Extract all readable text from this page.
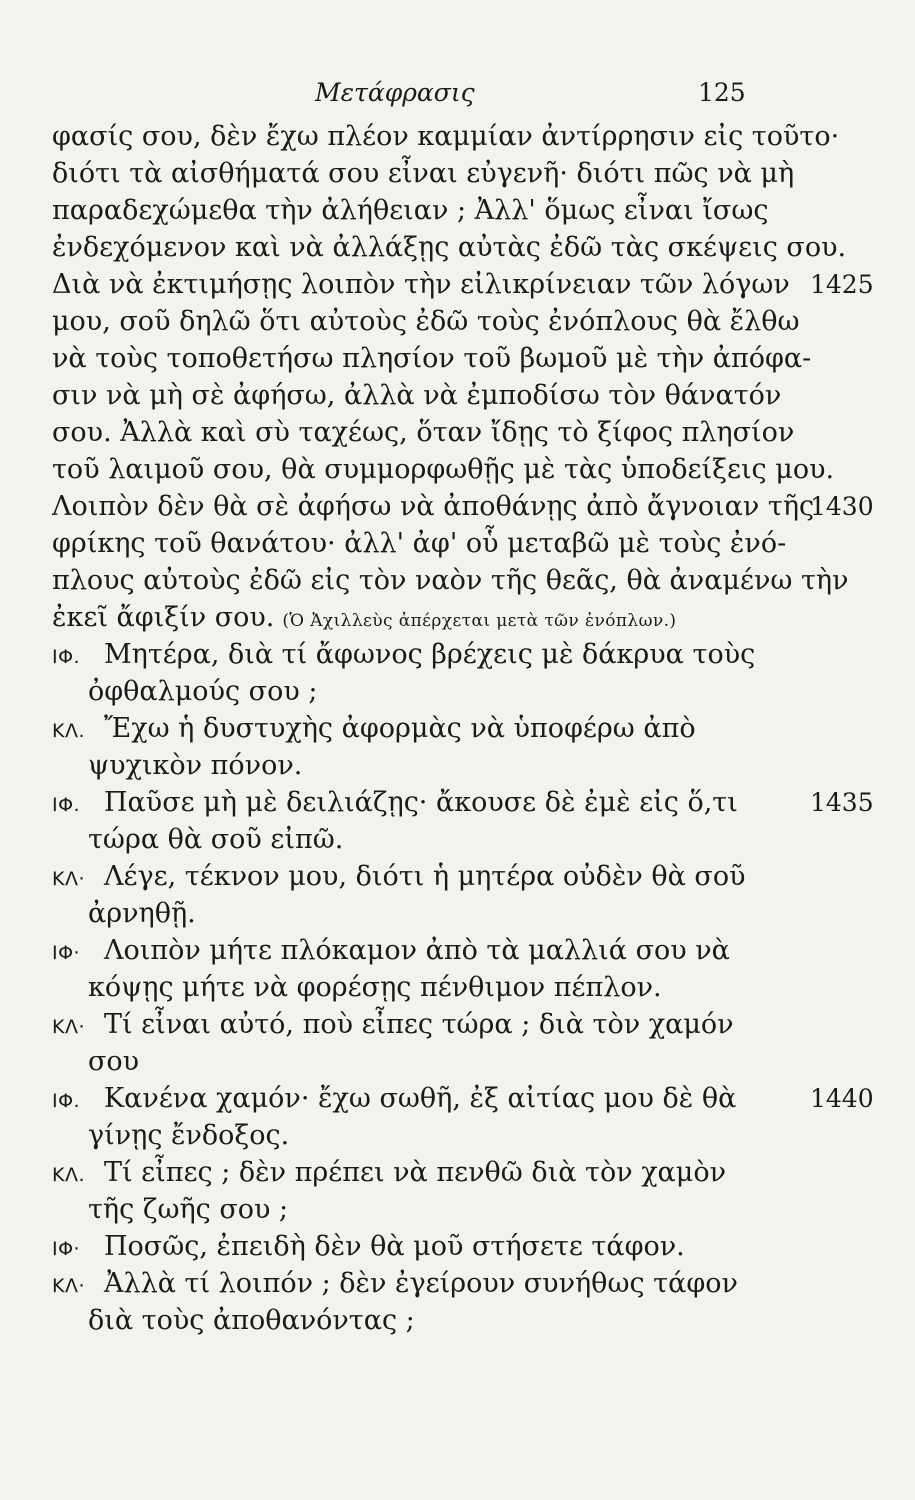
Μετάφρασις	125
φασίς σου, δὲν ἔχω πλέον καμμίαν ἀντίρρησιν εἰς τοῦτο·
διότι τὰ αἰσθήματά σου εἶναι εὐγενῆ· διότι πῶς νὰ μὴ
παραδεχώμεθα τὴν ἀλήθειαν ; Ἀλλ' ὅμως εἶναι ἴσως
ἐνδεχόμενον καὶ νὰ ἀλλάξῃς αὐτὰς ἐδῶ τὰς σκέψεις σου.
Διὰ νὰ ἐκτιμήσῃς λοιπὸν τὴν εἰλικρίνειαν τῶν λόγων 1425
μου, σοῦ δηλῶ ὅτι αὐτοὺς ἐδῶ τοὺς ἐνόπλους θὰ ἔλθω
νὰ τοὺς τοποθετήσω πλησίον τοῦ βωμοῦ μὲ τὴν ἀπόφα-
σιν νὰ μὴ σὲ ἀφήσω, ἀλλὰ νὰ ἐμποδίσω τὸν θάνατόν
σου. Ἀλλὰ καὶ σὺ ταχέως, ὅταν ἴδῃς τὸ ξίφος πλησίον
τοῦ λαιμοῦ σου, θὰ συμμορφωθῇς μὲ τὰς ὑποδείξεις μου.
Λοιπὸν δὲν θὰ σὲ ἀφήσω νὰ ἀποθάνῃς ἀπὸ ἄγνοιαν τῆς
1430
φρίκης τοῦ θανάτου· ἀλλ' ἀφ' οὗ μεταβῶ μὲ τοὺς ἐνό-
πλους αὐτοὺς ἐδῶ εἰς τὸν ναὸν τῆς θεᾶς, θὰ ἀναμένω τὴν
ἐκεῖ ἄφιξίν σου. (Ὁ Ἀχιλλεὺς ἀπέρχεται μετὰ τῶν ἐνόπλων.)
ΙΦ. Μητέρα, διὰ τί ἄφωνος βρέχεις μὲ δάκρυα τοὺς
ὀφθαλμούς σου ;
ΚΛ. Ἔχω ἡ δυστυχὴς ἀφορμὰς νὰ ὑποφέρω ἀπὸ
ψυχικὸν πόνον.
ΙΦ. Παῦσε μὴ μὲ δειλιάζῃς· ἄκουσε δὲ ἐμὲ εἰς ὅ,τι	1435
τώρα θὰ σοῦ εἰπῶ.
ΚΛ· Λέγε, τέκνον μου, διότι ἡ μητέρα οὐδὲν θὰ σοῦ
ἀρνηθῇ.
ΙΦ· Λοιπὸν μήτε πλόκαμον ἀπὸ τὰ μαλλιά σου νὰ
κόψῃς μήτε νὰ φορέσῃς πένθιμον πέπλον.
ΚΛ· Τί εἶναι αὐτό, ποὺ εἶπες τώρα ; διὰ τὸν χαμόν
σου
ΙΦ. Κανένα χαμόν· ἔχω σωθῆ, ἐξ αἰτίας μου δὲ θὰ	1440
γίνῃς ἔνδοξος.
ΚΛ. Τί εἶπες ; δὲν πρέπει νὰ πενθῶ διὰ τὸν χαμὸν
τῆς ζωῆς σου ;
ΙΦ· Ποσῶς, ἐπειδὴ δὲν θὰ μοῦ στήσετε τάφον.
ΚΛ· Ἀλλὰ τί λοιπόν ; δὲν ἐγείρουν συνήθως τάφον
διὰ τοὺς ἀποθανόντας ;
